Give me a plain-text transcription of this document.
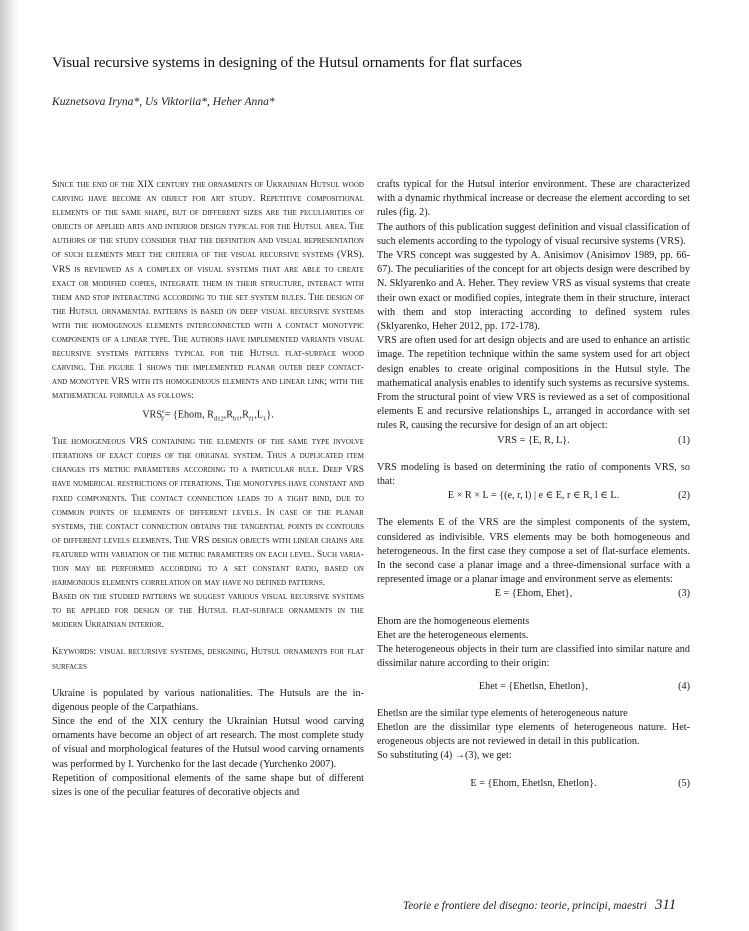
Visual recursive systems in designing of the Hutsul ornaments for flat surfaces
Kuznetsova Iryna*, Us Viktoriia*, Heher Anna*

Since the end of the XIX century the ornaments of Ukrainian Hutsul wood carving have become an object for art study. Repetitive compositional elements of the same shape, but of different sizes are the peculiarities of objects of applied arts and interior design typical for the Hutsul area. The authors of the study consider that the definition and visual representation of such elements meet the criteria of the visual recursive systems (VRS). VRS is reviewed as a complex of visual systems that are able to create exact or modified copies, integrate them in their structure, interact with them and stop interacting according to the set system rules. The design of the Hutsul ornamental patterns is based on deep visual recursive systems with the homogenous elements interconnected with a contact monotypic components of a linear type. The authors have implemented variants visual recursive systems patterns typical for the Hutsul flat-surface wood carving. The figure 1 shows the implemented planar outer deep contact- and monotype VRS with its homogeneous elements and linear link; with the mathematical formula as follows:

$VRS^c_F=$ {Ehom, $R_{d12},R_{b1},R_{f1},L_1$}.

The homogeneous VRS containing the elements of the same type involve iterations of exact copies of the original system. Thus a duplicated item changes its metric parameters according to a particular rule. Deep VRS have numerical restrictions of iterations. The monotypes have constant and fixed components. The contact connection leads to a tight bind, due to common points of elements of different levels. In case of the planar systems, the contact connection obtains the tangential points in contours of different levels elements. The VRS design objects with linear chains are featured with variation of the metric parameters on each level. Such variation may be performed according to a set constant ratio, based on harmonious elements correlation or may have no defined patterns.

Based on the studied patterns we suggest various visual recursive systems to be applied for design of the Hutsul flat-surface ornaments in the modern Ukrainian interior.

Keywords: visual recursive systems, designing, Hutsul ornaments for flat surfaces

Ukraine is populated by various nationalities. The Hutsuls are the indigenous people of the Carpathians.

Since the end of the XIX century the Ukrainian Hutsul wood carving ornaments have become an object of art research. The most complete study of visual and morphological features of the Hutsul wood carving ornaments was performed by I. Yurchenko for the last decade (Yurchenko 2007).

Repetition of compositional elements of the same shape but of different sizes is one of the peculiar features of decorative objects and

crafts typical for the Hutsul interior environment. These are characterized with a dynamic rhythmical increase or decrease the element according to set rules (fig. 2).

The authors of this publication suggest definition and visual classification of such elements according to the typology of visual recursive systems (VRS).

The VRS concept was suggested by A. Anisimov (Anisimov 1989, pp. 66-67). The peculiarities of the concept for art objects design were described by N. Sklyarenko and A. Heher. They review VRS as visual systems that create their own exact or modified copies, integrate them in their structure, interact with them and stop interacting according to defined system rules (Sklyarenko, Heher 2012, pp. 172-178).

VRS are often used for art design objects and are used to enhance an artistic image. The repetition technique within the same system used for art object design enables to create original compositions in the Hutsul style. The mathematical analysis enables to identify such systems as recursive systems.

From the structural point of view VRS is reviewed as a set of compositional elements E and recursive relationships L, arranged in accordance with set rules R, causing the recursive for design of an art object:

VRS = {E, R, L}.	(1)

VRS modeling is based on determining the ratio of components VRS, so that:

E × R × L = {(e, r, l) | e ∈ E, r ∈ R, l ∈ L.	(2)

The elements E of the VRS are the simplest components of the system, considered as indivisible. VRS elements may be both homogeneous and heterogeneous. In the first case they compose a set of flat-surface elements. In the second case a planar image and a three-dimensional surface with a represented image or a planar image and environment serve as elements:

E = {Ehom, Ehet},	(3)

Ehom are the homogeneous elements

Ehet are the heterogeneous elements.

The heterogeneous objects in their turn are classified into similar nature and dissimilar nature according to their origin:

Ehet = {Ehetlsn, Ehetlon},	(4)

Ehetlsn are the similar type elements of heterogeneous nature

Ehetlon are the dissimilar type elements of heterogeneous nature. Heterogeneous objects are not reviewed in detail in this publication.

So substituting (4) →(3), we get:

E = {Ehom, Ehetlsn, Ehetlon}.	(5)
Teorie e frontiere del disegno: teorie, principi, maestri 311
